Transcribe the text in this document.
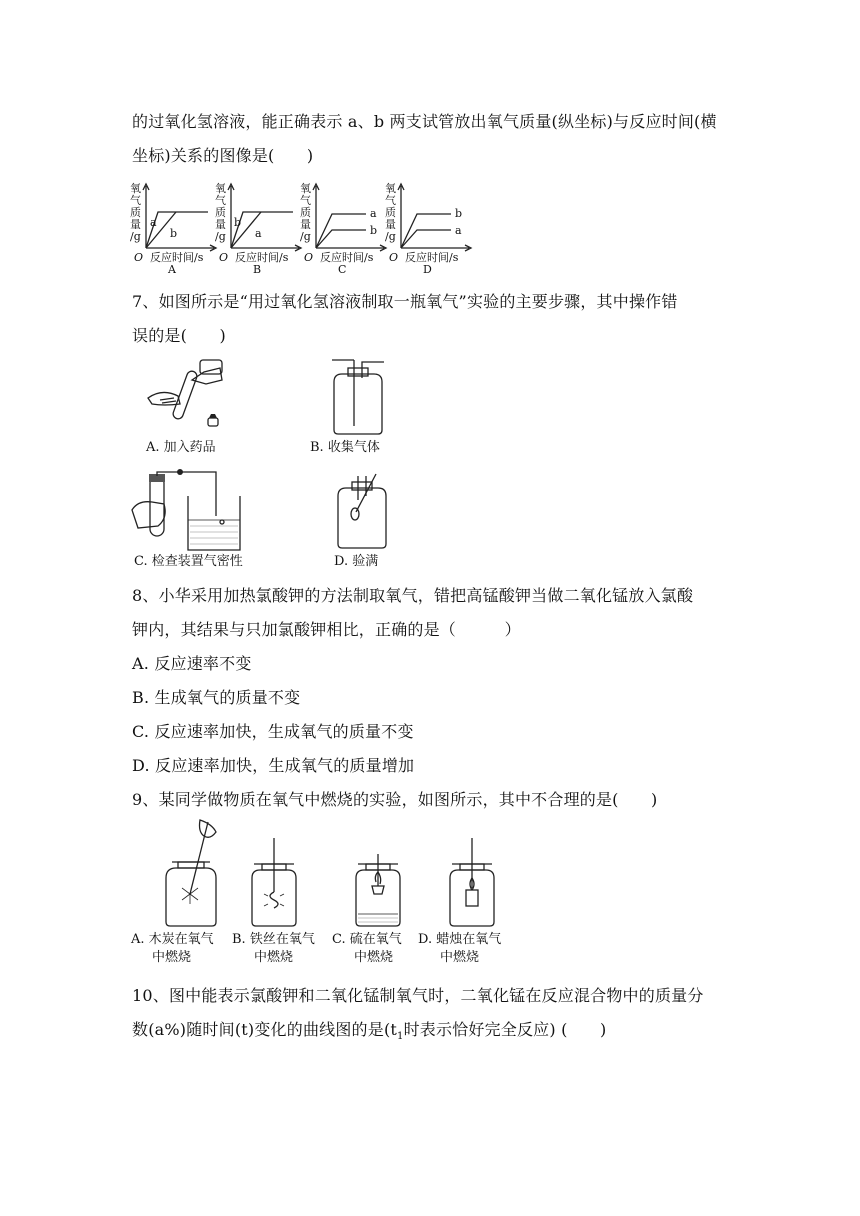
的过氧化氢溶液，能正确表示 a、b 两支试管放出氧气质量(纵坐标)与反应时间(横
坐标)关系的图像是(　　)
氧
气
质
量
/g
a
b
O 反应时间/s
A
氧
气
质
量
/g
b
a
O 反应时间/s
B
氧
气
质
量
/g
a
b
O 反应时间/s
C
氧
气
质
量
/g
b
a
O 反应时间/s
D
7、如图所示是“用过氧化氢溶液制取一瓶氧气”实验的主要步骤，其中操作错
误的是(　　)
A. 加入药品	B. 收集气体
C. 检查装置气密性	D. 验满
8、小华采用加热氯酸钾的方法制取氧气，错把高锰酸钾当做二氧化锰放入氯酸
钾内，其结果与只加氯酸钾相比，正确的是（　　　）
A. 反应速率不变
B. 生成氧气的质量不变
C. 反应速率加快，生成氧气的质量不变
D. 反应速率加快，生成氧气的质量增加
9、某同学做物质在氧气中燃烧的实验，如图所示，其中不合理的是(　　)
A. 木炭在氧气 B. 铁丝在氧气 C. 硫在氧气 D. 蜡烛在氧气
中燃烧	中燃烧	中燃烧	中燃烧
10、图中能表示氯酸钾和二氧化锰制氧气时，二氧化锰在反应混合物中的质量分
数(a%)随时间(t)变化的曲线图的是($t_1$时表示恰好完全反应) (　　)
